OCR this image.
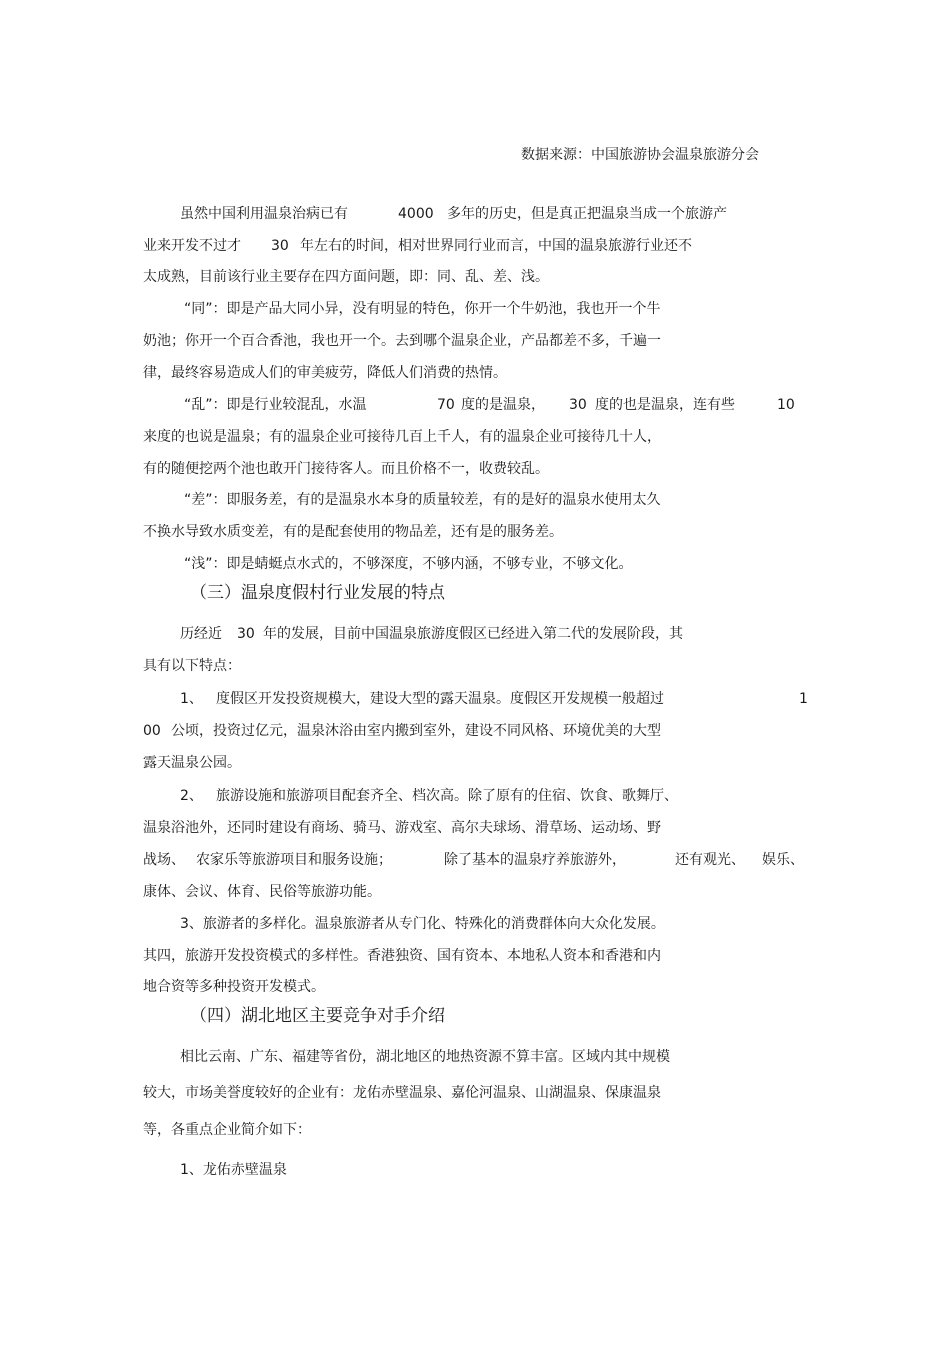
数据来源：中国旅游协会温泉旅游分会
虽然中国利用温泉治病已有	4000 多年的历史，但是真正把温泉当成一个旅游产
业来开发不过才 30 年左右的时间，相对世界同行业而言，中国的温泉旅游行业还不
太成熟，目前该行业主要存在四方面问题，即：同、乱、差、浅。
“同”：即是产品大同小异，没有明显的特色，你开一个牛奶池，我也开一个牛
奶池；你开一个百合香池，我也开一个。去到哪个温泉企业，产品都差不多，千遍一
律，最终容易造成人们的审美疲劳，降低人们消费的热情。
“乱”：即是行业较混乱，水温	70 度的是温泉， 30 度的也是温泉，连有些	10
来度的也说是温泉；有的温泉企业可接待几百上千人，有的温泉企业可接待几十人，
有的随便挖两个池也敢开门接待客人。而且价格不一，收费较乱。
“差”：即服务差，有的是温泉水本身的质量较差，有的是好的温泉水使用太久
不换水导致水质变差，有的是配套使用的物品差，还有是的服务差。
“浅”：即是蜻蜓点水式的，不够深度，不够内涵，不够专业，不够文化。
（三）温泉度假村行业发展的特点
历经近 30 年的发展，目前中国温泉旅游度假区已经进入第二代的发展阶段，其
具有以下特点：
1、 度假区开发投资规模大，建设大型的露天温泉。度假区开发规模一般超过	1
00 公顷，投资过亿元，温泉沐浴由室内搬到室外，建设不同风格、环境优美的大型
露天温泉公园。
2、 旅游设施和旅游项目配套齐全、档次高。除了原有的住宿、饮食、歌舞厅、
温泉浴池外，还同时建设有商场、骑马、游戏室、高尔夫球场、滑草场、运动场、野
战场、 农家乐等旅游项目和服务设施；	除了基本的温泉疗养旅游外，	还有观光、 娱乐、
康体、会议、体育、民俗等旅游功能。
3、旅游者的多样化。温泉旅游者从专门化、特殊化的消费群体向大众化发展。
其四，旅游开发投资模式的多样性。香港独资、国有资本、本地私人资本和香港和内
地合资等多种投资开发模式。
（四）湖北地区主要竞争对手介绍
相比云南、广东、福建等省份，湖北地区的地热资源不算丰富。区域内其中规模
较大，市场美誉度较好的企业有：龙佑赤壁温泉、嘉伦河温泉、山湖温泉、保康温泉
等，各重点企业简介如下：
1、龙佑赤壁温泉
